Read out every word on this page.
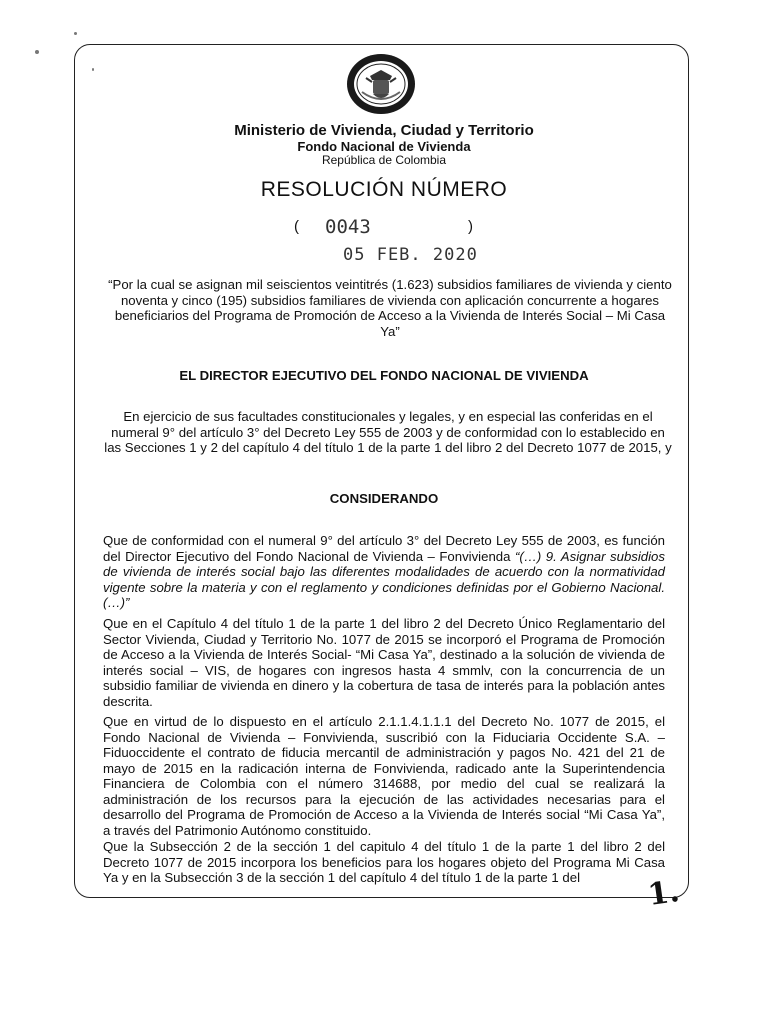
Ministerio de Vivienda, Ciudad y Territorio
Fondo Nacional de Vivienda
República de Colombia
RESOLUCIÓN NÚMERO
( 0043	)
05 FEB. 2020
“Por la cual se asignan mil seiscientos veintitrés (1.623) subsidios familiares de vivienda y ciento noventa y cinco (195) subsidios familiares de vivienda con aplicación concurrente a hogares beneficiarios del Programa de Promoción de Acceso a la Vivienda de Interés Social – Mi Casa Ya”
EL DIRECTOR EJECUTIVO DEL FONDO NACIONAL DE VIVIENDA
En ejercicio de sus facultades constitucionales y legales, y en especial las conferidas en el numeral 9° del artículo 3° del Decreto Ley 555 de 2003 y de conformidad con lo establecido en las Secciones 1 y 2 del capítulo 4 del título 1 de la parte 1 del libro 2 del Decreto 1077 de 2015, y
CONSIDERANDO
Que de conformidad con el numeral 9° del artículo 3° del Decreto Ley 555 de 2003, es función del Director Ejecutivo del Fondo Nacional de Vivienda – Fonvivienda “(…) 9. Asignar subsidios de vivienda de interés social bajo las diferentes modalidades de acuerdo con la normatividad vigente sobre la materia y con el reglamento y condiciones definidas por el Gobierno Nacional. (…)”
Que en el Capítulo 4 del título 1 de la parte 1 del libro 2 del Decreto Único Reglamentario del Sector Vivienda, Ciudad y Territorio No. 1077 de 2015 se incorporó el Programa de Promoción de Acceso a la Vivienda de Interés Social- “Mi Casa Ya”, destinado a la solución de vivienda de interés social – VIS, de hogares con ingresos hasta 4 smmlv, con la concurrencia de un subsidio familiar de vivienda en dinero y la cobertura de tasa de interés para la población antes descrita.
Que en virtud de lo dispuesto en el artículo 2.1.1.4.1.1.1 del Decreto No. 1077 de 2015, el Fondo Nacional de Vivienda – Fonvivienda, suscribió con la Fiduciaria Occidente S.A. – Fiduoccidente el contrato de fiducia mercantil de administración y pagos No. 421 del 21 de mayo de 2015 en la radicación interna de Fonvivienda, radicado ante la Superintendencia Financiera de Colombia con el número 314688, por medio del cual se realizará la administración de los recursos para la ejecución de las actividades necesarias para el desarrollo del Programa de Promoción de Acceso a la Vivienda de Interés social “Mi Casa Ya”, a través del Patrimonio Autónomo constituido.
Que la Subsección 2 de la sección 1 del capitulo 4 del título 1 de la parte 1 del libro 2 del Decreto 1077 de 2015 incorpora los beneficios para los hogares objeto del Programa Mi Casa Ya y en la Subsección 3 de la sección 1 del capítulo 4 del título 1 de la parte 1 del	1.
